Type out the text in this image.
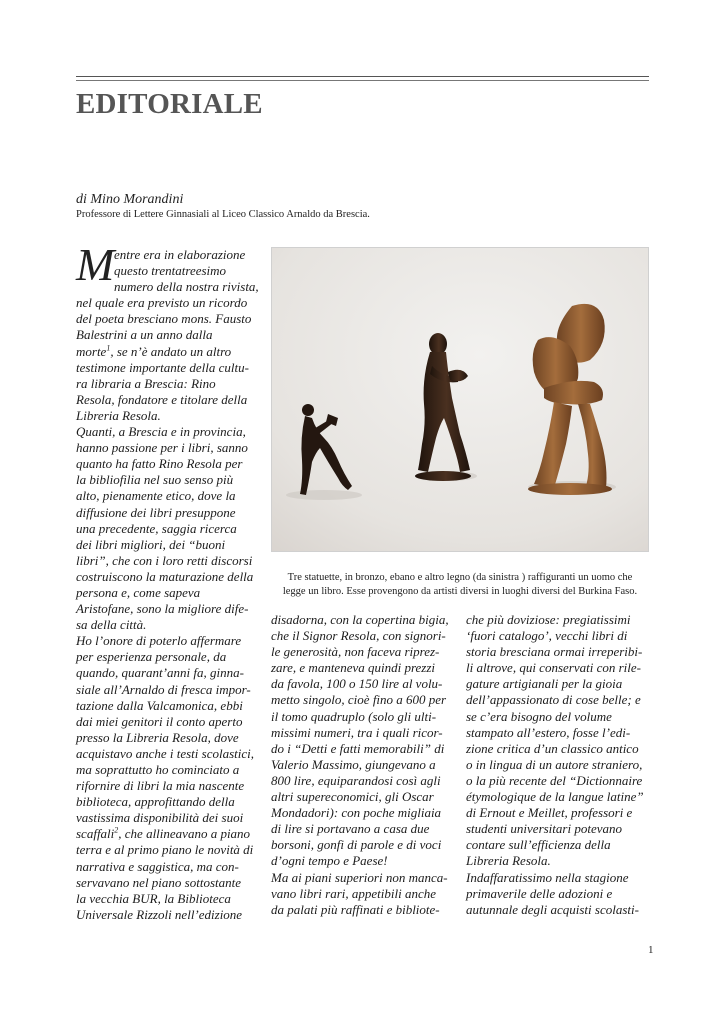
EDITORIALE
di Mino Morandini
Professore di Lettere Ginnasiali al Liceo Classico Arnaldo da Brescia.
M entre era in elaborazione
questo trentatreesimo
numero della nostra rivista,
nel quale era previsto un ricordo
del poeta bresciano mons. Fausto
Balestrini a un anno dalla
morte$^1$, se n’è andato un altro
testimone importante della cultu-
ra libraria a Brescia: Rino
Resola, fondatore e titolare della
Libreria Resola.
Quanti, a Brescia e in provincia,
hanno passione per i libri, sanno
quanto ha fatto Rino Resola per
la bibliofilia nel suo senso più
alto, pienamente etico, dove la
diffusione dei libri presuppone
una precedente, saggia ricerca
dei libri migliori, dei “buoni
libri”, che con i loro retti discorsi
costruiscono la maturazione della
persona e, come sapeva
Aristofane, sono la migliore dife-
sa della città.
Ho l’onore di poterlo affermare
per esperienza personale, da
quando, quarant’anni fa, ginna-
siale all’Arnaldo di fresca impor-
tazione dalla Valcamonica, ebbi
dai miei genitori il conto aperto
presso la Libreria Resola, dove
acquistavo anche i testi scolastici,
ma soprattutto ho cominciato a
rifornire di libri la mia nascente
biblioteca, approfittando della
vastissima disponibilità dei suoi
scaffali$^2$, che allineavano a piano
terra e al primo piano le novità di
narrativa e saggistica, ma con-
servavano nel piano sottostante
la vecchia BUR, la Biblioteca
Universale Rizzoli nell’edizione
Tre statuette, in bronzo, ebano e altro legno (da sinistra ) raffiguranti un uomo che
legge un libro. Esse provengono da artisti diversi in luoghi diversi del Burkina Faso.
disadorna, con la copertina bigia,
che il Signor Resola, con signori-
le generosità, non faceva riprez-
zare, e manteneva quindi prezzi
da favola, 100 o 150 lire al volu-
metto singolo, cioè fino a 600 per
il tomo quadruplo (solo gli ulti-
missimi numeri, tra i quali ricor-
do i “Detti e fatti memorabili” di
Valerio Massimo, giungevano a
800 lire, equiparandosi così agli
altri supereconomici, gli Oscar
Mondadori): con poche migliaia
di lire si portavano a casa due
borsoni, gonfi di parole e di voci
d’ogni tempo e Paese!
Ma ai piani superiori non manca-
vano libri rari, appetibili anche
da palati più raffinati e bibliote-
che più doviziose: pregiatissimi
‘fuori catalogo’, vecchi libri di
storia bresciana ormai irreperibi-
li altrove, qui conservati con rile-
gature artigianali per la gioia
dell’appassionato di cose belle; e
se c’era bisogno del volume
stampato all’estero, fosse l’edi-
zione critica d’un classico antico
o in lingua di un autore straniero,
o la più recente del “Dictionnaire
étymologique de la langue latine”
di Ernout e Meillet, professori e
studenti universitari potevano
contare sull’efficienza della
Libreria Resola.
Indaffaratissimo nella stagione
primaverile delle adozioni e
autunnale degli acquisti scolasti-
1
